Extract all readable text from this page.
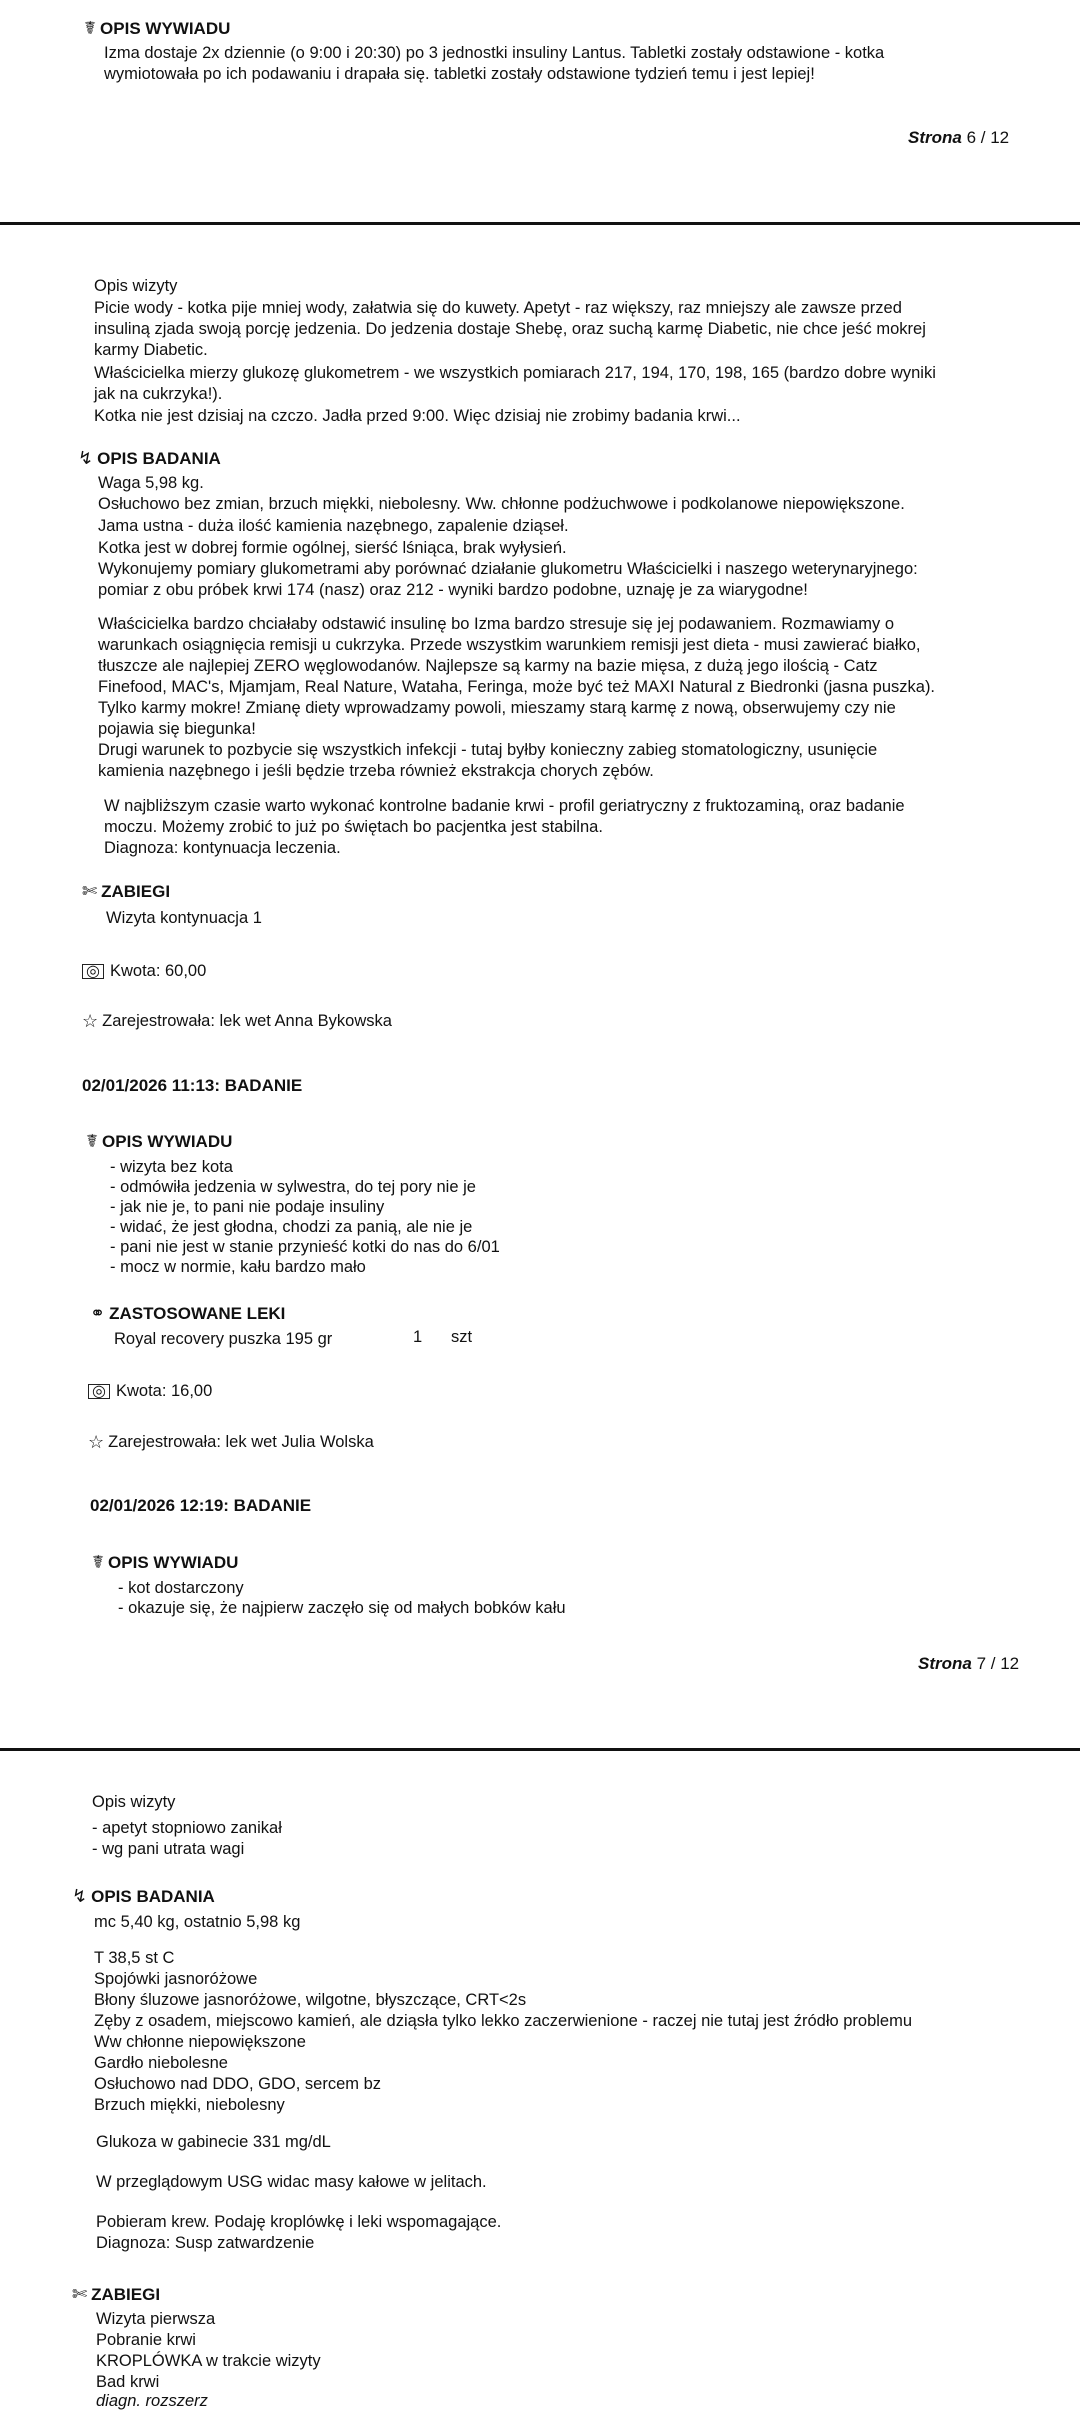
☤ OPIS WYWIADU
Izma dostaje 2x dziennie (o 9:00 i 20:30) po 3 jednostki insuliny Lantus. Tabletki zostały odstawione - kotka
wymiotowała po ich podawaniu i drapała się. tabletki zostały odstawione tydzień temu i jest lepiej!
Strona 6 / 12
Opis wizyty
Picie wody - kotka pije mniej wody, załatwia się do kuwety. Apetyt - raz większy, raz mniejszy ale zawsze przed
insuliną zjada swoją porcję jedzenia. Do jedzenia dostaje Shebę, oraz suchą karmę Diabetic, nie chce jeść mokrej
karmy Diabetic.
Właścicielka mierzy glukozę glukometrem - we wszystkich pomiarach 217, 194, 170, 198, 165 (bardzo dobre wyniki
jak na cukrzyka!).
Kotka nie jest dzisiaj na czczo. Jadła przed 9:00. Więc dzisiaj nie zrobimy badania krwi...
↯ OPIS BADANIA
Waga 5,98 kg.
Osłuchowo bez zmian, brzuch miękki, niebolesny. Ww. chłonne podżuchwowe i podkolanowe niepowiększone.
Jama ustna - duża ilość kamienia nazębnego, zapalenie dziąseł.
Kotka jest w dobrej formie ogólnej, sierść lśniąca, brak wyłysień.
Wykonujemy pomiary glukometrami aby porównać działanie glukometru Właścicielki i naszego weterynaryjnego:
pomiar z obu próbek krwi 174 (nasz) oraz 212 - wyniki bardzo podobne, uznaję je za wiarygodne!
Właścicielka bardzo chciałaby odstawić insulinę bo Izma bardzo stresuje się jej podawaniem. Rozmawiamy o
warunkach osiągnięcia remisji u cukrzyka. Przede wszystkim warunkiem remisji jest dieta - musi zawierać białko,
tłuszcze ale najlepiej ZERO węglowodanów. Najlepsze są karmy na bazie mięsa, z dużą jego ilością - Catz
Finefood, MAC's, Mjamjam, Real Nature, Wataha, Feringa, może być też MAXI Natural z Biedronki (jasna puszka).
Tylko karmy mokre! Zmianę diety wprowadzamy powoli, mieszamy starą karmę z nową, obserwujemy czy nie
pojawia się biegunka!
Drugi warunek to pozbycie się wszystkich infekcji - tutaj byłby konieczny zabieg stomatologiczny, usunięcie
kamienia nazębnego i jeśli będzie trzeba również ekstrakcja chorych zębów.
W najbliższym czasie warto wykonać kontrolne badanie krwi - profil geriatryczny z fruktozaminą, oraz badanie
moczu. Możemy zrobić to już po świętach bo pacjentka jest stabilna.
Diagnoza: kontynuacja leczenia.
✄ ZABIEGI
Wizyta kontynuacja 1
◎ Kwota: 60,00
☆ Zarejestrowała: lek wet Anna Bykowska
02/01/2026 11:13: BADANIE
☤ OPIS WYWIADU
- wizyta bez kota
- odmówiła jedzenia w sylwestra, do tej pory nie je
- jak nie je, to pani nie podaje insuliny
- widać, że jest głodna, chodzi za panią, ale nie je
- pani nie jest w stanie przynieść kotki do nas do 6/01
- mocz w normie, kału bardzo mało
⚭ ZASTOSOWANE LEKI
Royal recovery puszka 195 gr	1 szt
◎ Kwota: 16,00
☆ Zarejestrowała: lek wet Julia Wolska
02/01/2026 12:19: BADANIE
☤ OPIS WYWIADU
- kot dostarczony
- okazuje się, że najpierw zaczęło się od małych bobków kału
Strona 7 / 12
Opis wizyty
- apetyt stopniowo zanikał
- wg pani utrata wagi
↯ OPIS BADANIA
mc 5,40 kg, ostatnio 5,98 kg
T 38,5 st C
Spojówki jasnoróżowe
Błony śluzowe jasnoróżowe, wilgotne, błyszczące, CRT<2s
Zęby z osadem, miejscowo kamień, ale dziąsła tylko lekko zaczerwienione - raczej nie tutaj jest źródło problemu
Ww chłonne niepowiększone
Gardło niebolesne
Osłuchowo nad DDO, GDO, sercem bz
Brzuch miękki, niebolesny
Glukoza w gabinecie 331 mg/dL
W przeglądowym USG widac masy kałowe w jelitach.
Pobieram krew. Podaję kroplówkę i leki wspomagające.
Diagnoza: Susp zatwardzenie
✄ ZABIEGI
Wizyta pierwsza
Pobranie krwi
KROPLÓWKA w trakcie wizyty
Bad krwi
diagn. rozszerz
